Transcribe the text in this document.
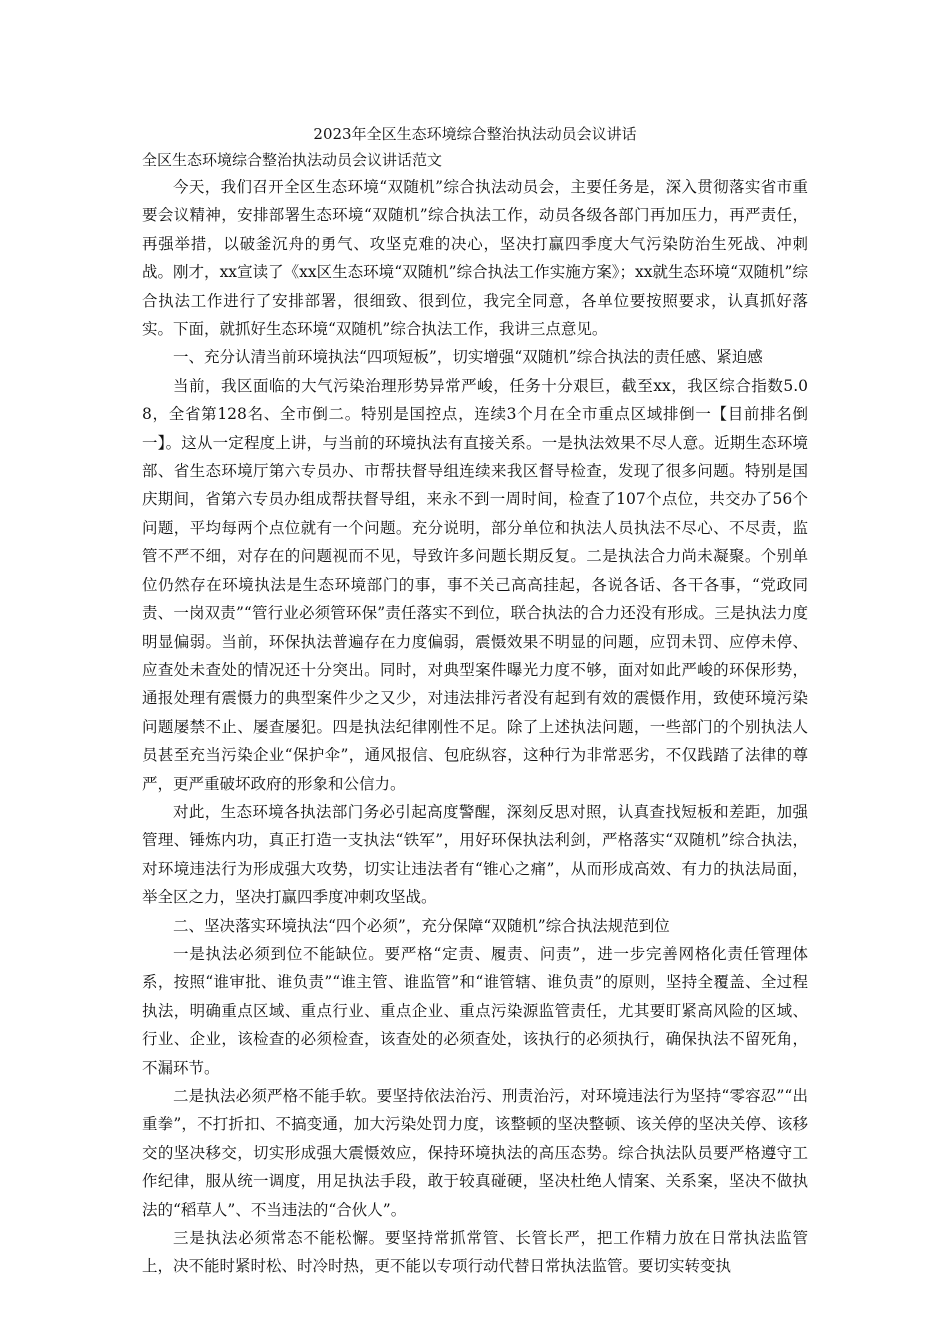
2023年全区生态环境综合整治执法动员会议讲话

全区生态环境综合整治执法动员会议讲话范文

今天，我们召开全区生态环境“双随机”综合执法动员会，主要任务是，深入贯彻落实省市重要会议精神，安排部署生态环境“双随机”综合执法工作，动员各级各部门再加压力，再严责任，再强举措，以破釜沉舟的勇气、攻坚克难的决心，坚决打赢四季度大气污染防治生死战、冲刺战。刚才，xx宣读了《xx区生态环境“双随机”综合执法工作实施方案》；xx就生态环境“双随机”综合执法工作进行了安排部署，很细致、很到位，我完全同意，各单位要按照要求，认真抓好落实。下面，就抓好生态环境“双随机”综合执法工作，我讲三点意见。

一、充分认清当前环境执法“四项短板”，切实增强“双随机”综合执法的责任感、紧迫感

当前，我区面临的大气污染治理形势异常严峻，任务十分艰巨，截至xx，我区综合指数5.08，全省第128名、全市倒二。特别是国控点，连续3个月在全市重点区域排倒一【目前排名倒一】。这从一定程度上讲，与当前的环境执法有直接关系。一是执法效果不尽人意。近期生态环境部、省生态环境厅第六专员办、市帮扶督导组连续来我区督导检查，发现了很多问题。特别是国庆期间，省第六专员办组成帮扶督导组，来永不到一周时间，检查了107个点位，共交办了56个问题，平均每两个点位就有一个问题。充分说明，部分单位和执法人员执法不尽心、不尽责，监管不严不细，对存在的问题视而不见，导致许多问题长期反复。二是执法合力尚未凝聚。个别单位仍然存在环境执法是生态环境部门的事，事不关己高高挂起，各说各话、各干各事，“党政同责、一岗双责”“管行业必须管环保”责任落实不到位，联合执法的合力还没有形成。三是执法力度明显偏弱。当前，环保执法普遍存在力度偏弱，震慑效果不明显的问题，应罚未罚、应停未停、应查处未查处的情况还十分突出。同时，对典型案件曝光力度不够，面对如此严峻的环保形势，通报处理有震慑力的典型案件少之又少，对违法排污者没有起到有效的震慑作用，致使环境污染问题屡禁不止、屡查屡犯。四是执法纪律刚性不足。除了上述执法问题，一些部门的个别执法人员甚至充当污染企业“保护伞”，通风报信、包庇纵容，这种行为非常恶劣，不仅践踏了法律的尊严，更严重破坏政府的形象和公信力。

对此，生态环境各执法部门务必引起高度警醒，深刻反思对照，认真查找短板和差距，加强管理、锤炼内功，真正打造一支执法“铁军”，用好环保执法利剑，严格落实“双随机”综合执法，对环境违法行为形成强大攻势，切实让违法者有“锥心之痛”，从而形成高效、有力的执法局面，举全区之力，坚决打赢四季度冲刺攻坚战。

二、坚决落实环境执法“四个必须”，充分保障“双随机”综合执法规范到位

一是执法必须到位不能缺位。要严格“定责、履责、问责”，进一步完善网格化责任管理体系，按照“谁审批、谁负责”“谁主管、谁监管”和“谁管辖、谁负责”的原则，坚持全覆盖、全过程执法，明确重点区域、重点行业、重点企业、重点污染源监管责任，尤其要盯紧高风险的区域、行业、企业，该检查的必须检查，该查处的必须查处，该执行的必须执行，确保执法不留死角，不漏环节。

二是执法必须严格不能手软。要坚持依法治污、刑责治污，对环境违法行为坚持“零容忍”“出重拳”，不打折扣、不搞变通，加大污染处罚力度，该整顿的坚决整顿、该关停的坚决关停、该移交的坚决移交，切实形成强大震慑效应，保持环境执法的高压态势。综合执法队员要严格遵守工作纪律，服从统一调度，用足执法手段，敢于较真碰硬，坚决杜绝人情案、关系案，坚决不做执法的“稻草人”、不当违法的“合伙人”。

三是执法必须常态不能松懈。要坚持常抓常管、长管长严，把工作精力放在日常执法监管上，决不能时紧时松、时冷时热，更不能以专项行动代替日常执法监管。要切实转变执
